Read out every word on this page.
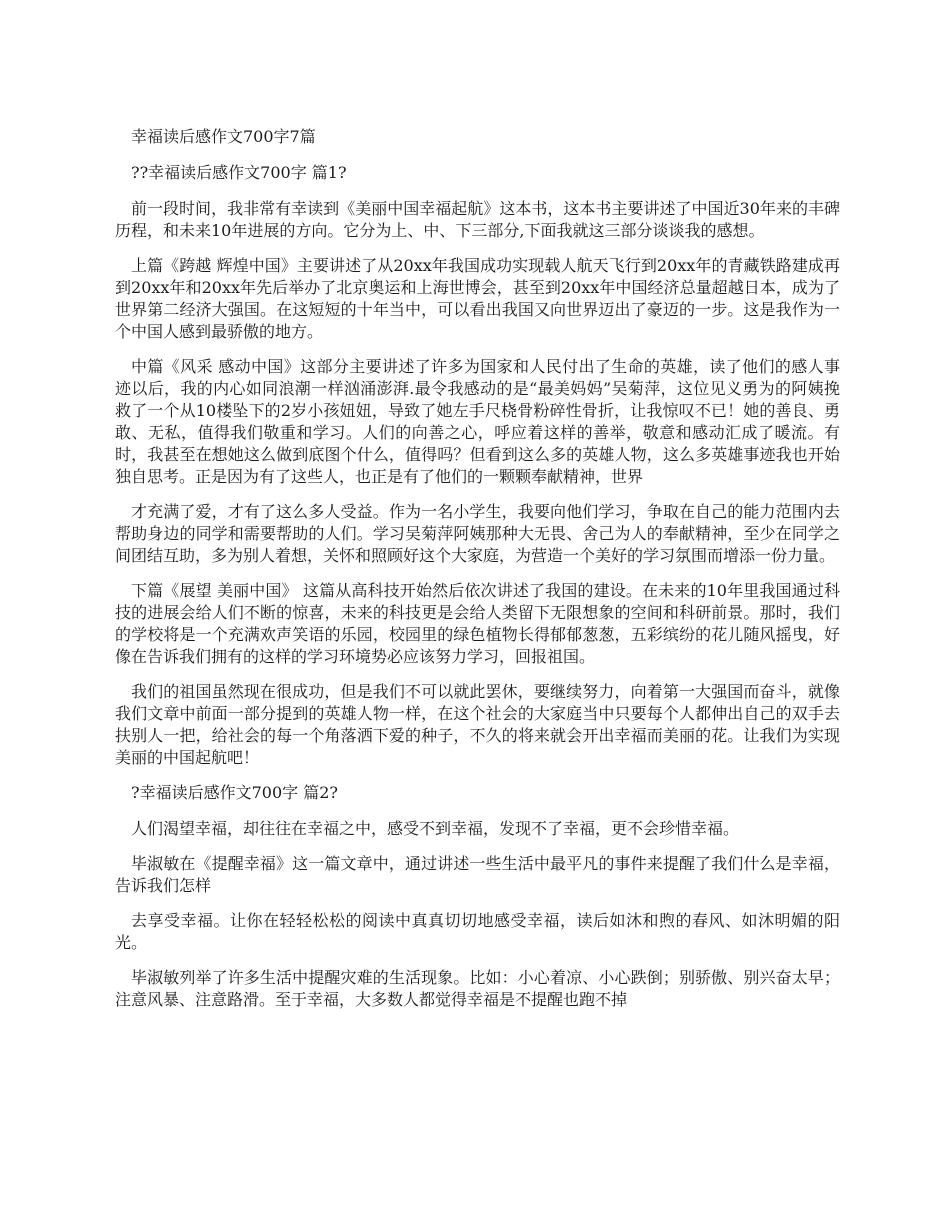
幸福读后感作文700字7篇

??幸福读后感作文700字 篇1?

前一段时间，我非常有幸读到《美丽中国幸福起航》这本书，这本书主要讲述了中国近30年来的丰碑历程，和未来10年进展的方向。它分为上、中、下三部分,下面我就这三部分谈谈我的感想。

上篇《跨越 辉煌中国》主要讲述了从20xx年我国成功实现载人航天飞行到20xx年的青藏铁路建成再到20xx年和20xx年先后举办了北京奥运和上海世博会，甚至到20xx年中国经济总量超越日本，成为了世界第二经济大强国。在这短短的十年当中，可以看出我国又向世界迈出了豪迈的一步。这是我作为一个中国人感到最骄傲的地方。

中篇《风采 感动中国》这部分主要讲述了许多为国家和人民付出了生命的英雄，读了他们的感人事迹以后，我的内心如同浪潮一样汹涌澎湃.最令我感动的是“最美妈妈”吴菊萍，这位见义勇为的阿姨挽救了一个从10楼坠下的2岁小孩妞妞，导致了她左手尺桡骨粉碎性骨折，让我惊叹不已！她的善良、勇敢、无私，值得我们敬重和学习。人们的向善之心，呼应着这样的善举，敬意和感动汇成了暖流。有时，我甚至在想她这么做到底图个什么，值得吗？但看到这么多的英雄人物，这么多英雄事迹我也开始独自思考。正是因为有了这些人，也正是有了他们的一颗颗奉献精神，世界

才充满了爱，才有了这么多人受益。作为一名小学生，我要向他们学习，争取在自己的能力范围内去帮助身边的同学和需要帮助的人们。学习吴菊萍阿姨那种大无畏、舍己为人的奉献精神，至少在同学之间团结互助，多为别人着想，关怀和照顾好这个大家庭，为营造一个美好的学习氛围而增添一份力量。

下篇《展望 美丽中国》 这篇从高科技开始然后依次讲述了我国的建设。在未来的10年里我国通过科技的进展会给人们不断的惊喜，未来的科技更是会给人类留下无限想象的空间和科研前景。那时，我们的学校将是一个充满欢声笑语的乐园，校园里的绿色植物长得郁郁葱葱，五彩缤纷的花儿随风摇曳，好像在告诉我们拥有的这样的学习环境势必应该努力学习，回报祖国。

我们的祖国虽然现在很成功，但是我们不可以就此罢休，要继续努力，向着第一大强国而奋斗，就像我们文章中前面一部分提到的英雄人物一样，在这个社会的大家庭当中只要每个人都伸出自己的双手去扶别人一把，给社会的每一个角落洒下爱的种子，不久的将来就会开出幸福而美丽的花。让我们为实现美丽的中国起航吧！

?幸福读后感作文700字 篇2?

人们渴望幸福，却往往在幸福之中，感受不到幸福，发现不了幸福，更不会珍惜幸福。

毕淑敏在《提醒幸福》这一篇文章中，通过讲述一些生活中最平凡的事件来提醒了我们什么是幸福，告诉我们怎样

去享受幸福。让你在轻轻松松的阅读中真真切切地感受幸福，读后如沐和煦的春风、如沐明媚的阳光。

毕淑敏列举了许多生活中提醒灾难的生活现象。比如：小心着凉、小心跌倒；别骄傲、别兴奋太早；注意风暴、注意路滑。至于幸福，大多数人都觉得幸福是不提醒也跑不掉
